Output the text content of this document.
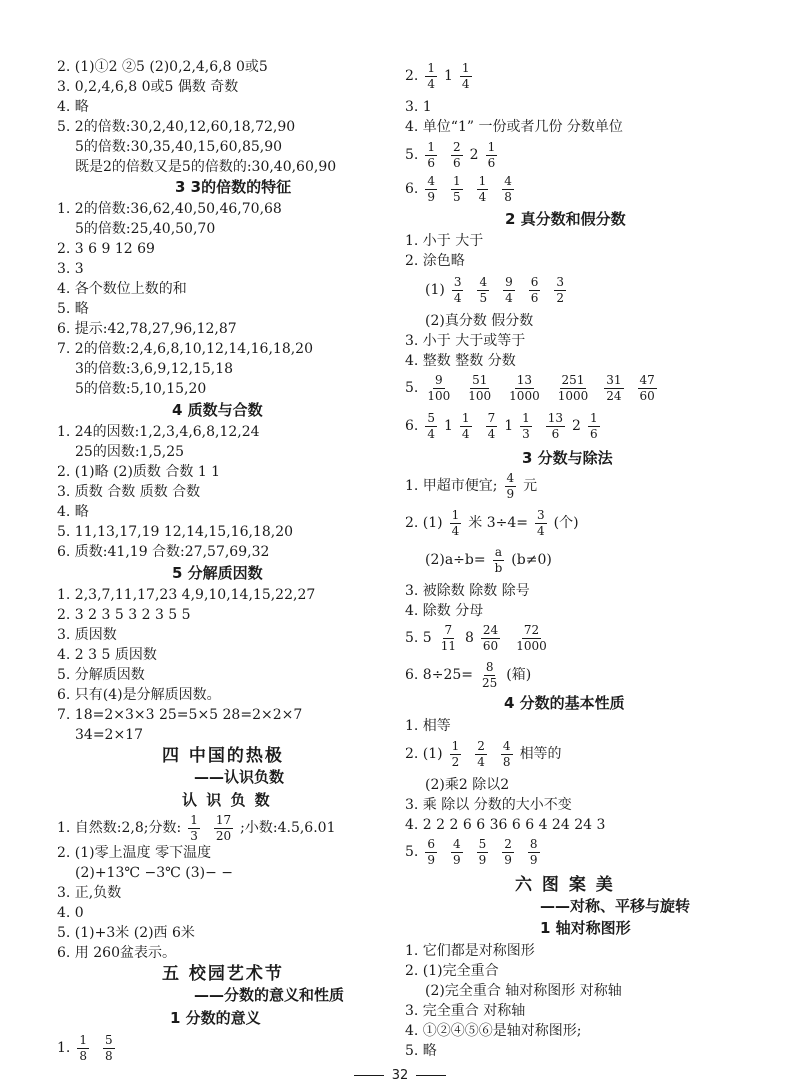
2. (1)①2 ②5 (2)0,2,4,6,8 0或5
3. 0,2,4,6,8 0或5 偶数 奇数
4. 略
5. 2的倍数:30,2,40,12,60,18,72,90
5的倍数:30,35,40,15,60,85,90
既是2的倍数又是5的倍数的:30,40,60,90
3 3的倍数的特征
1. 2的倍数:36,62,40,50,46,70,68
5的倍数:25,40,50,70
2. 3 6 9 12 69
3. 3
4. 各个数位上数的和
5. 略
6. 提示:42,78,27,96,12,87
7. 2的倍数:2,4,6,8,10,12,14,16,18,20
3的倍数:3,6,9,12,15,18
5的倍数:5,10,15,20
4 质数与合数
1. 24的因数:1,2,3,4,6,8,12,24
25的因数:1,5,25
2. (1)略 (2)质数 合数 1 1
3. 质数 合数 质数 合数
4. 略
5. 11,13,17,19 12,14,15,16,18,20
6. 质数:41,19 合数:27,57,69,32
5 分解质因数
1. 2,3,7,11,17,23 4,9,10,14,15,22,27
2. 3 2 3 5 3 2 3 5 5
3. 质因数
4. 2 3 5 质因数
5. 分解质因数
6. 只有(4)是分解质因数。
7. 18=2×3×3 25=5×5 28=2×2×7
34=2×17
四 中国的热极
——认识负数
认 识 负 数
1. 自然数:2,8;分数: $\frac{1}{3} \frac{17}{20}$ ;小数:4.5,6.01
2. (1)零上温度 零下温度
(2)+13℃ −3℃ (3)− −
3. 正,负数
4. 0
5. (1)+3米 (2)西 6米
6. 用 260盆表示。
五 校园艺术节
——分数的意义和性质
1 分数的意义
1. $\frac{1}{8} \frac{5}{8}$
2. $\frac{1}{4} 1 \frac{1}{4}$
3. 1
4. 单位“1” 一份或者几份 分数单位
5. $\frac{1}{6} \frac{2}{6} 2 \frac{1}{6}$
6. $\frac{4}{9} \frac{1}{5} \frac{1}{4} \frac{4}{8}$
2 真分数和假分数
1. 小于 大于
2. 涂色略
$(1) \frac{3}{4} \frac{4}{5} \frac{9}{4} \frac{6}{6} \frac{3}{2}$
(2)真分数 假分数
3. 小于 大于或等于
4. 整数 整数 分数
5. $\frac{9}{100} \frac{51}{100} \frac{13}{1000} \frac{251}{1000} \frac{31}{24} \frac{47}{60}$
6. $\frac{5}{4} 1 \frac{1}{4} \frac{7}{4} 1 \frac{1}{3} \frac{13}{6} 2 \frac{1}{6}$
3 分数与除法
1. 甲超市便宜; $\frac{4}{9}$ 元
2. $(1) \frac{1}{4}$ 米 $3\div 4= \frac{3}{4}$ (个)
$(2)a\div b= \frac{a}{b} (b\ne 0)$
3. 被除数 除数 除号
4. 除数 分母
5. $5 \frac{7}{11} 8 \frac{24}{60} \frac{72}{1000}$
6. $8\div 25= \frac{8}{25}$ (箱)
4 分数的基本性质
1. 相等
2. $(1) \frac{1}{2} \frac{2}{4} \frac{4}{8}$ 相等的
(2)乘2 除以2
3. 乘 除以 分数的大小不变
4. 2 2 2 6 6 36 6 6 4 24 24 3
5. $\frac{6}{9} \frac{4}{9} \frac{5}{9} \frac{2}{9} \frac{8}{9}$
六 图 案 美
——对称、平移与旋转
1 轴对称图形
1. 它们都是对称图形
2. (1)完全重合
(2)完全重合 轴对称图形 对称轴
3. 完全重合 对称轴
4. ①②④⑤⑥是轴对称图形;
5. 略
32
